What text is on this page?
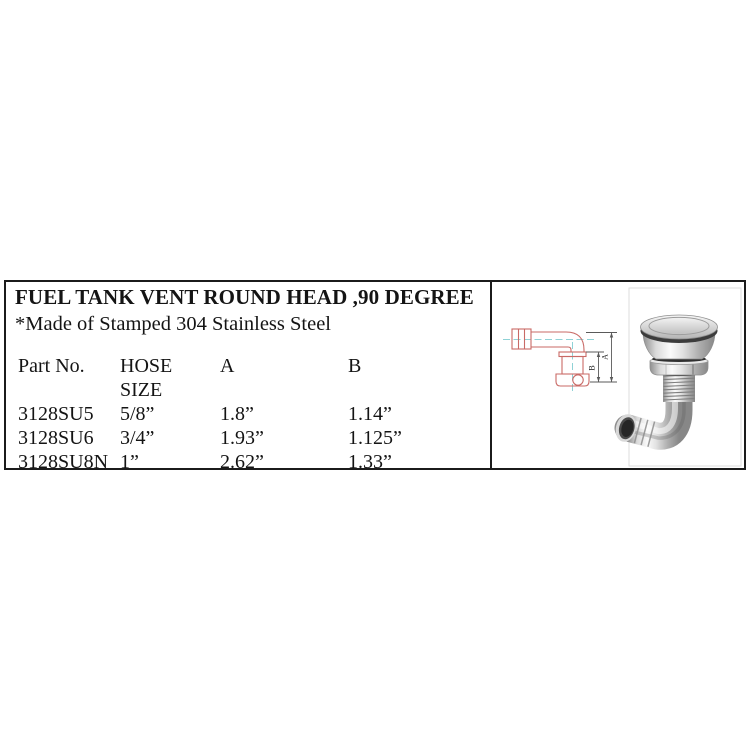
FUEL TANK VENT ROUND HEAD ,90 DEGREE
*Made of Stamped 304 Stainless Steel
Part No.	HOSE	A	B
SIZE
3128SU5	5/8”	1.8”	1.14”
3128SU6	3/4”	1.93”	1.125”
3128SU8N 1”	2.62”	1.33”
B
A
